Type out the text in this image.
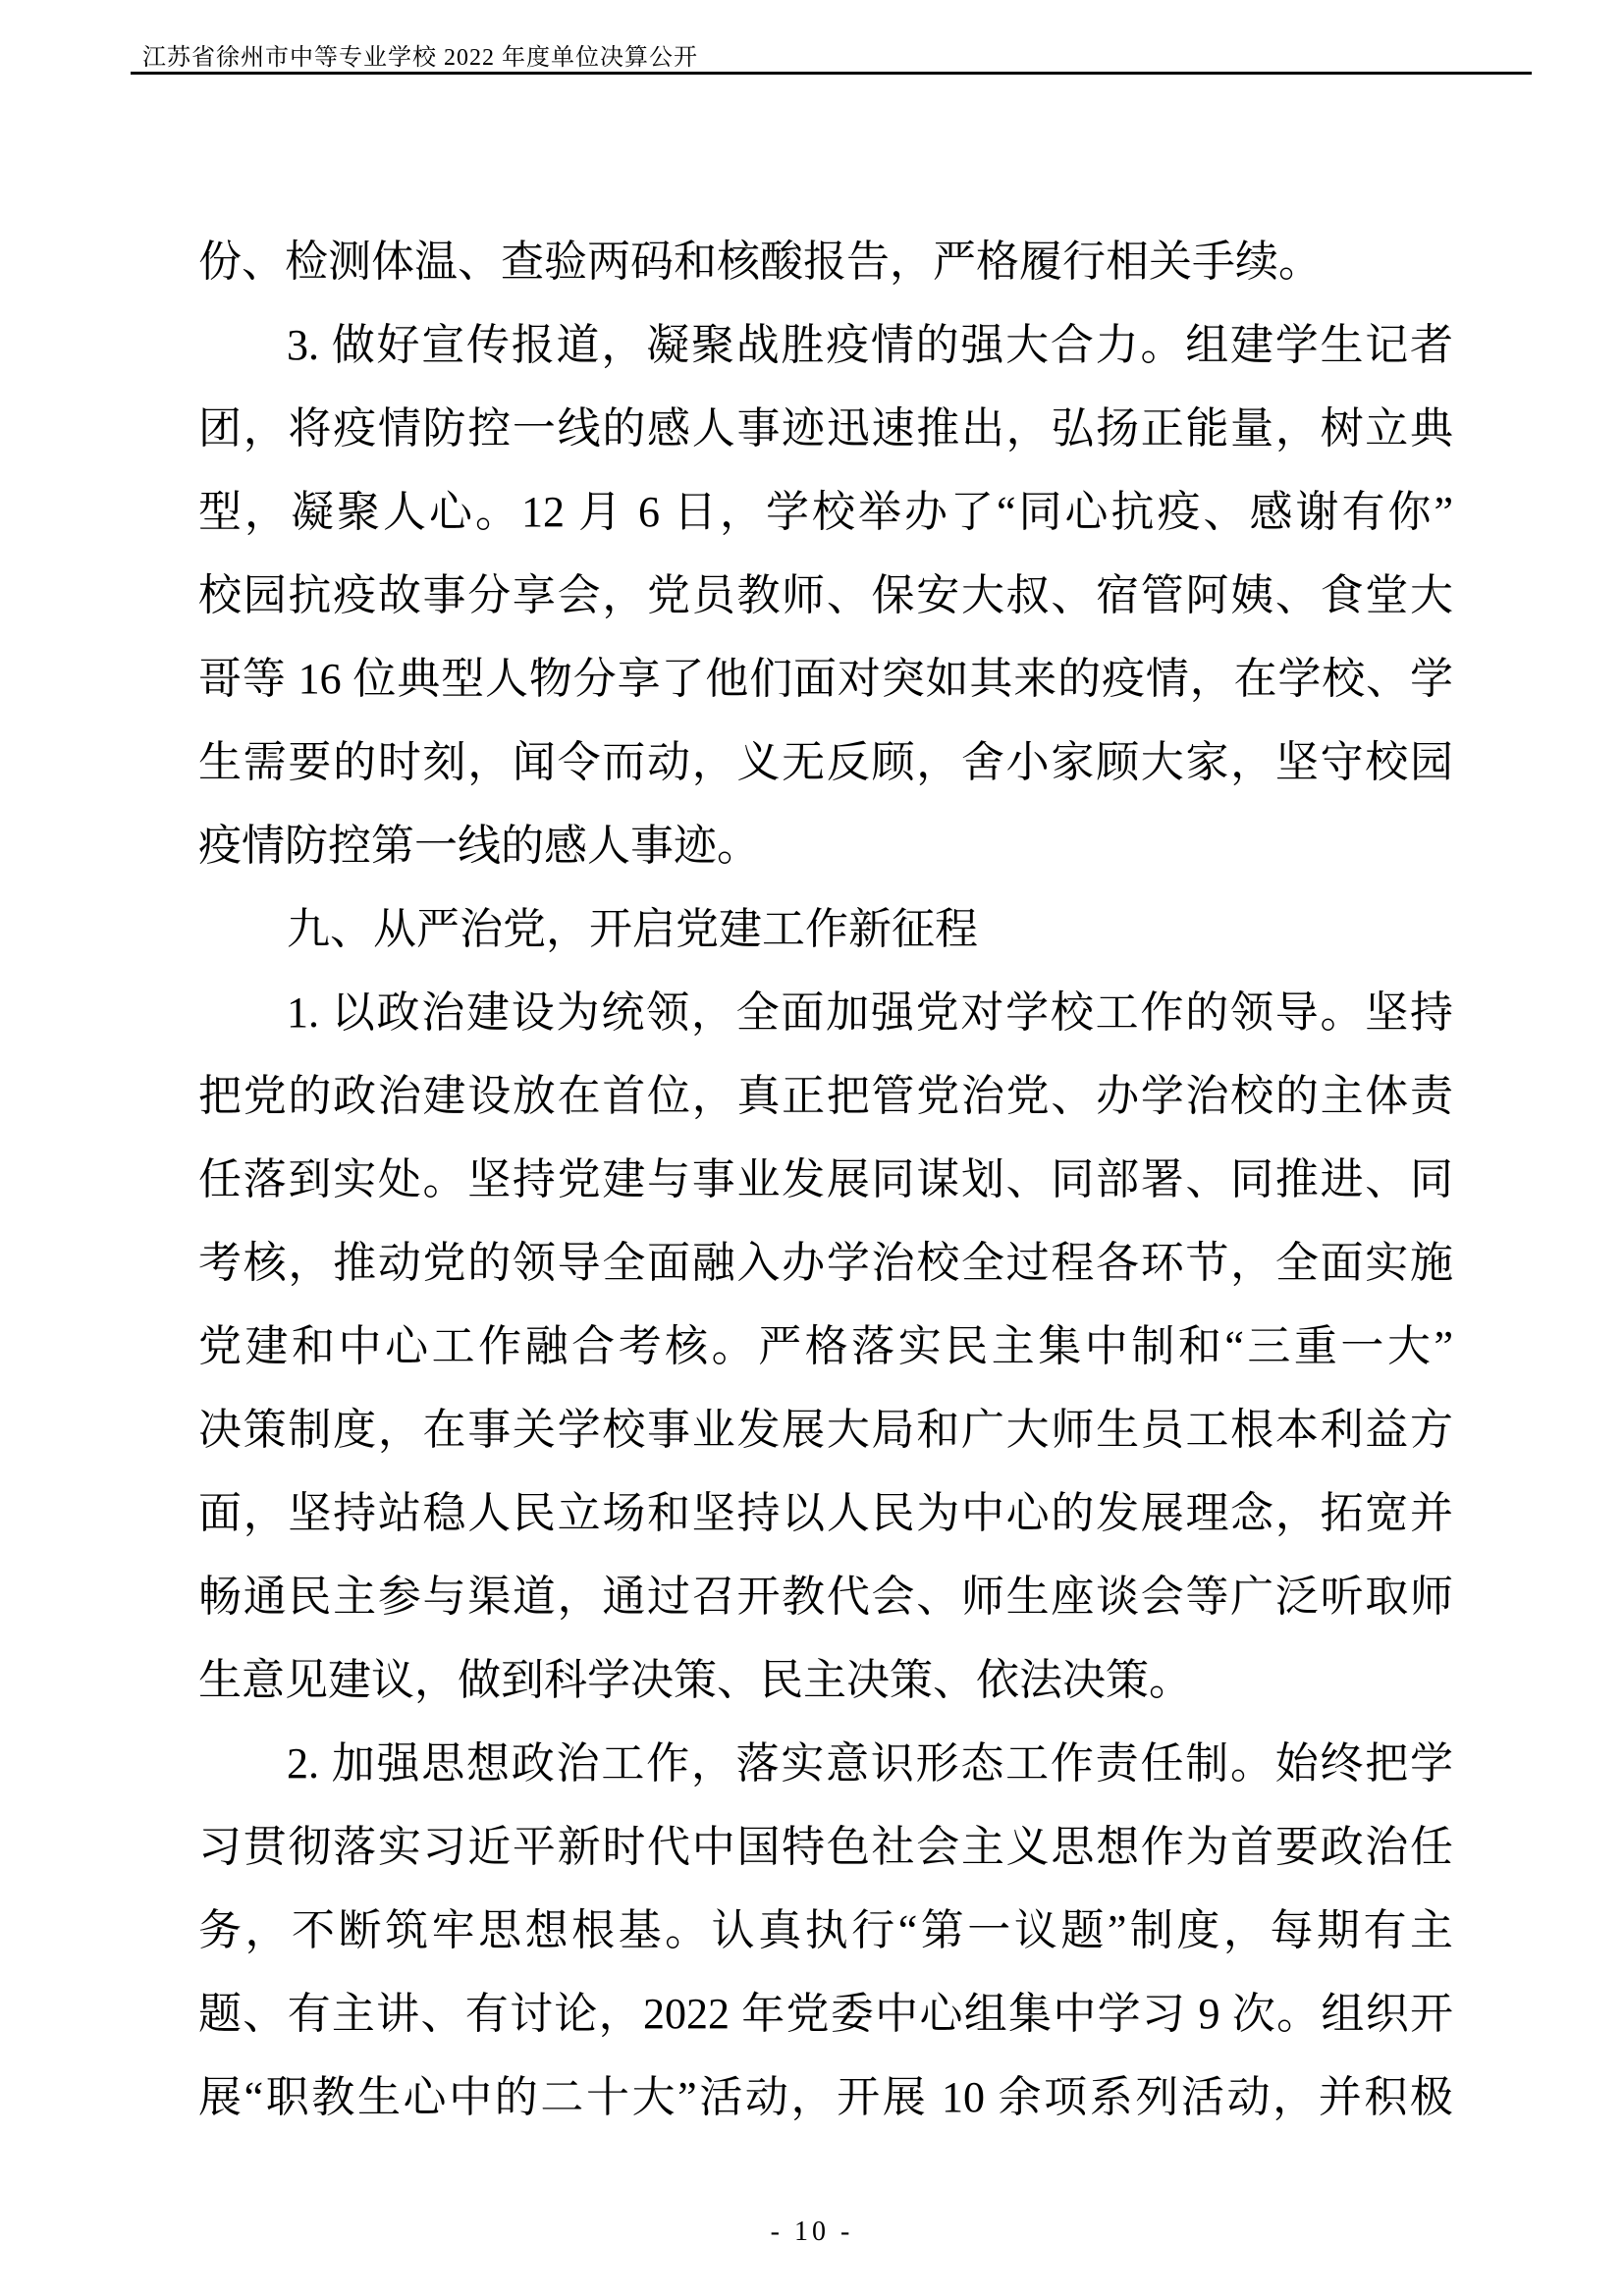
江苏省徐州市中等专业学校 2022 年度单位决算公开
份、检测体温、查验两码和核酸报告，严格履行相关手续。
3. 做好宣传报道，凝聚战胜疫情的强大合力。组建学生记者
团，将疫情防控一线的感人事迹迅速推出，弘扬正能量，树立典
型，凝聚人心。12 月 6 日，学校举办了“同心抗疫、感谢有你”
校园抗疫故事分享会，党员教师、保安大叔、宿管阿姨、食堂大
哥等 16 位典型人物分享了他们面对突如其来的疫情，在学校、学
生需要的时刻，闻令而动，义无反顾，舍小家顾大家，坚守校园
疫情防控第一线的感人事迹。
九、从严治党，开启党建工作新征程
1. 以政治建设为统领，全面加强党对学校工作的领导。坚持
把党的政治建设放在首位，真正把管党治党、办学治校的主体责
任落到实处。坚持党建与事业发展同谋划、同部署、同推进、同
考核，推动党的领导全面融入办学治校全过程各环节，全面实施
党建和中心工作融合考核。严格落实民主集中制和“三重一大”
决策制度，在事关学校事业发展大局和广大师生员工根本利益方
面，坚持站稳人民立场和坚持以人民为中心的发展理念，拓宽并
畅通民主参与渠道，通过召开教代会、师生座谈会等广泛听取师
生意见建议，做到科学决策、民主决策、依法决策。
2. 加强思想政治工作，落实意识形态工作责任制。始终把学
习贯彻落实习近平新时代中国特色社会主义思想作为首要政治任
务，不断筑牢思想根基。认真执行“第一议题”制度，每期有主
题、有主讲、有讨论，2022 年党委中心组集中学习 9 次。组织开
展“职教生心中的二十大”活动，开展 10 余项系列活动，并积极
- 10 -
